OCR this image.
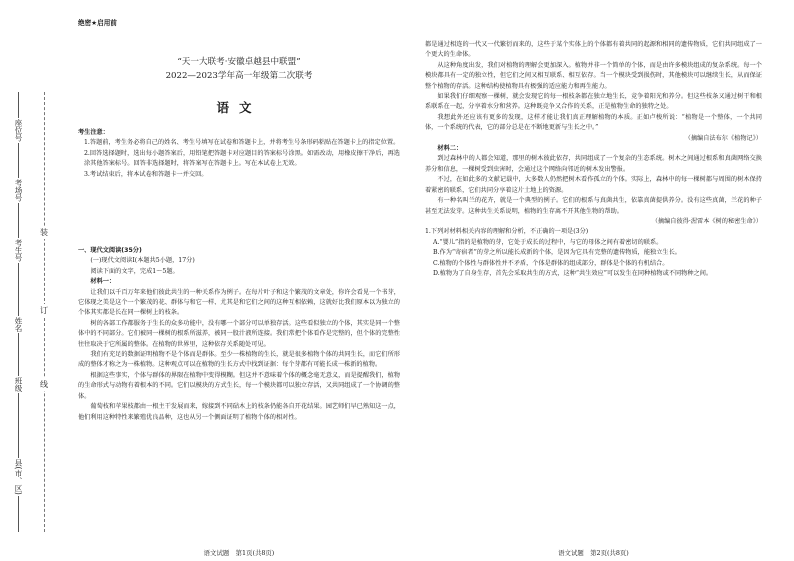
座位号
考场号
考生号
姓名
班级
县(市、区)
装
订
线
绝密★启用前
“天一大联考·安徽卓越县中联盟”
2022—2023学年高一年级第二次联考
语文

考生注意：

1.答题前，考生务必将自己的姓名、考生号填写在试卷和答题卡上，并将考生号条形码粘贴在答题卡上的指定位置。

2.回答选择题时，选出每小题答案后，用铅笔把答题卡对应题目的答案标号涂黑。如需改动，用橡皮擦干净后，再选涂其他答案标号。回答非选择题时，将答案写在答题卡上。写在本试卷上无效。

3.考试结束后，将本试卷和答题卡一并交回。

一、现代文阅读(35分)

(一)现代文阅读Ⅰ(本题共5小题，17分)

阅读下面的文字，完成1～5题。

材料一：

让我们以千百万年来他们彼此共生的一种关系作为例子。在每片叶子和这个繁茂的文章处，你许会看见一个书芽，它体现之美是这个一个繁茂的花、群体与和它一样、尤其是和它们之间的这种互相依赖，这就好比我们原本以为独立的个体其实都是长在同一棵树上的枝条。

树的各部工作都服务于生长的众多功能中，没有哪一个部分可以单独存活。这些看似独立的个体，其实是同一个整体中的不同部分。它们被同一棵树的根系所滋养，被同一股汁液所连接。我们常把个体看作是完整的，但个体的完整性往往取决于它所属的整体。在植物的世界里，这种依存关系随处可见。

我们有充足的数据证明植物不是个体而是群体。至少一株植物的生长，就是很多植物个体的共同生长，而它们所形成的整体才称之为一株植物。这种观点可以在植物的生长方式中找到证据：每个芽都有可能长成一株新的植物。

根据这些事实，个体与群体的界限在植物中变得模糊。但这并不意味着个体的概念毫无意义，而是提醒我们，植物的生命形式与动物有着根本的不同。它们以模块的方式生长，每一个模块都可以独立存活，又共同组成了一个协调的整体。

葡萄枝和苹果枝都由一根主干发展而来，嫁接到不同砧木上的枝条仍能各自开花结果。园艺师们早已熟知这一点，他们利用这种特性来繁殖优良品种，这也从另一个侧面证明了植物个体的相对性。

语文试题　第1页(共8页)

都是通过相连的一代又一代繁衍而来的，这些于某个实体上的个体都有着共同的起源和相同的遗传物质，它们共同组成了一个更大的生命体。

从这种角度出发，我们对植物的理解会更加深入。植物并非一个简单的个体，而是由许多模块组成的复杂系统。每一个模块都具有一定的独立性，但它们之间又相互联系、相互依存。当一个模块受到损伤时，其他模块可以继续生长，从而保证整个植物的存活。这种结构使植物具有极强的适应能力和再生能力。

如果我们仔细观察一棵树，就会发现它的每一根枝条都在独立地生长，竞争着阳光和养分。但这些枝条又通过树干和根系联系在一起，分享着水分和营养。这种既竞争又合作的关系，正是植物生命的独特之处。

我想此外还应该有更多的发现，这样才能让我们真正理解植物的本质。正如卢梭所说：“植物是一个整体，一个共同体，一个系统的代表，它的部分总是在不断地更新与生长之中。”

（摘编自法布尔《植物记》）

材料二：

到过森林中的人都会知道，那里的树木彼此依存，共同组成了一个复杂的生态系统。树木之间通过根系和真菌网络交换养分和信息，一棵树受到虫害时，会通过这个网络向邻近的树木发出警报。

不过，在如此多的文献记载中，大多数人仍然把树木看作孤立的个体。实际上，森林中的每一棵树都与周围的树木保持着紧密的联系，它们共同分享着这片土地上的资源。

有一种名叫兰的花卉，就是一个典型的例子。它们的根系与真菌共生，依靠真菌提供养分。没有这些真菌，兰花的种子甚至无法发芽。这种共生关系说明，植物的生存离不开其他生物的帮助。

（摘编自彼得·渥雷本《树的秘密生命》）

1.下列对材料相关内容的理解和分析，不正确的一项是(3分)

A.“婴儿”指的是植物的芽，它处于成长的过程中，与它的母体之间有着密切的联系。

B.作为“寄宿者”的芽之所以能长成新的个体，是因为它具有完整的遗传物质，能独立生长。

C.植物的个体性与群体性并不矛盾，个体是群体的组成部分，群体是个体的有机结合。

D.植物为了自身生存，首先会采取共生的方式，这种“共生效应”可以发生在同种植物或不同物种之间。

语文试题　第2页(共8页)
